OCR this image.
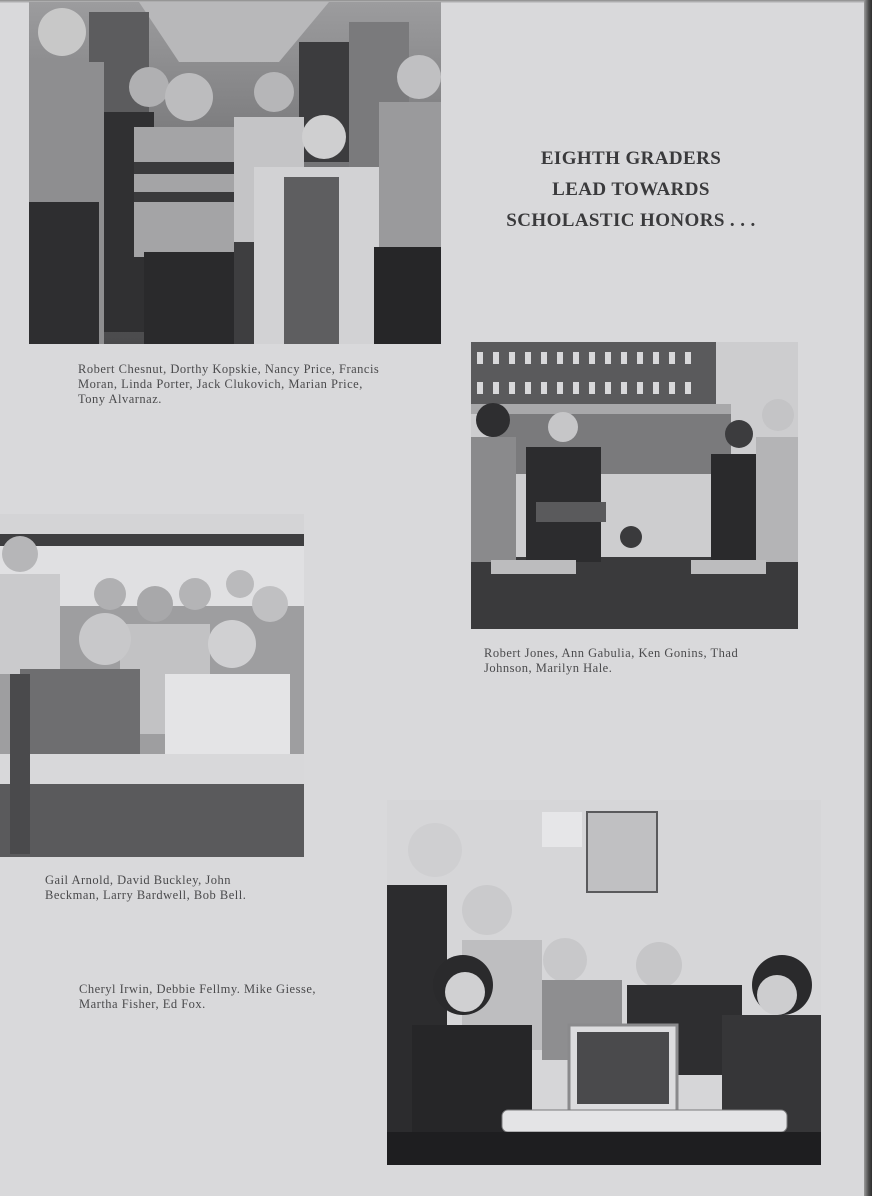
EIGHTH GRADERS
LEAD TOWARDS
SCHOLASTIC HONORS . . .
Robert Chesnut, Dorthy Kopskie, Nancy Price, Francis
Moran, Linda Porter, Jack Clukovich, Marian Price,
Tony Alvarnaz.
Robert Jones, Ann Gabulia, Ken Gonins, Thad
Johnson, Marilyn Hale.
Gail Arnold, David Buckley, John
Beckman, Larry Bardwell, Bob Bell.
Cheryl Irwin, Debbie Fellmy. Mike Giesse,
Martha Fisher, Ed Fox.
